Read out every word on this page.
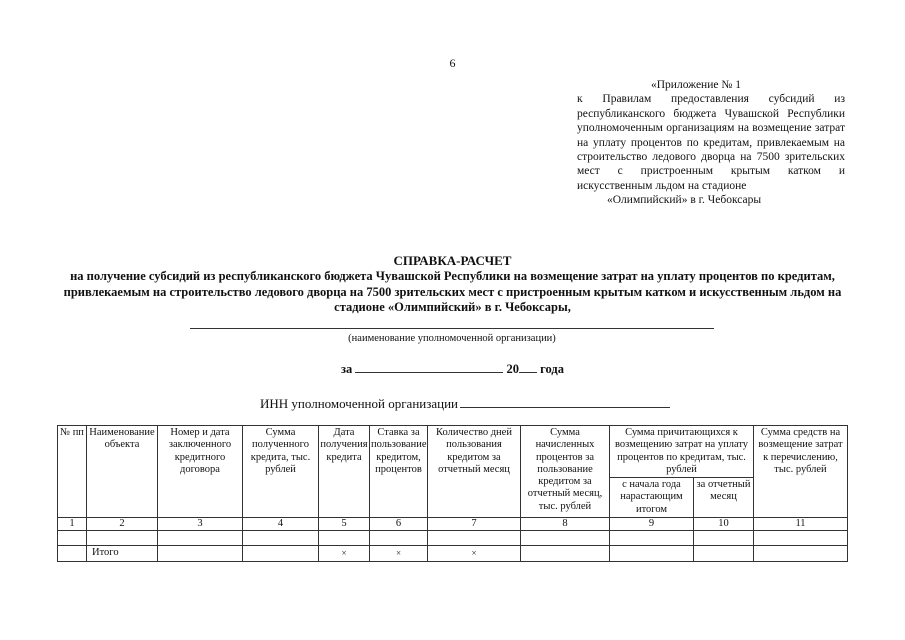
6
«Приложение № 1
к Правилам предоставления субсидий из республиканского бюджета Чувашской Республики уполномоченным организациям на возмещение затрат на уплату процентов по кредитам, привлекаемым на строительство ледового дворца на 7500 зрительских мест с пристроенным крытым катком и искусственным льдом на стадионе
«Олимпийский» в г. Чебоксары
СПРАВКА-РАСЧЕТ
на получение субсидий из республиканского бюджета Чувашской Республики на возмещение затрат на уплату процентов по кредитам, привлекаемым на строительство ледового дворца на 7500 зрительских мест с пристроенным крытым катком и искусственным льдом на стадионе «Олимпийский» в г. Чебоксары,
(наименование уполномоченной организации)
за	20 года
ИНН уполномоченной организации
№ пп	Наименование объекта	Номер и дата заключенного кредитного договора	Сумма полученного кредита, тыс. рублей	Дата получения кредита	Ставка за пользование кредитом, процентов	Количество дней пользования кредитом за отчетный месяц	Сумма начисленных процентов за пользование кредитом за отчетный месяц, тыс. рублей	Сумма причитающихся к возмещению затрат на уплату процентов по кредитам, тыс. рублей		Сумма средств на возмещение затрат к перечислению, тыс. рублей
								с начала года нарастающим итогом	за отчетный месяц	
1	2	3	4	5	6	7	8	9	10	11

	Итого			×	×	×				
